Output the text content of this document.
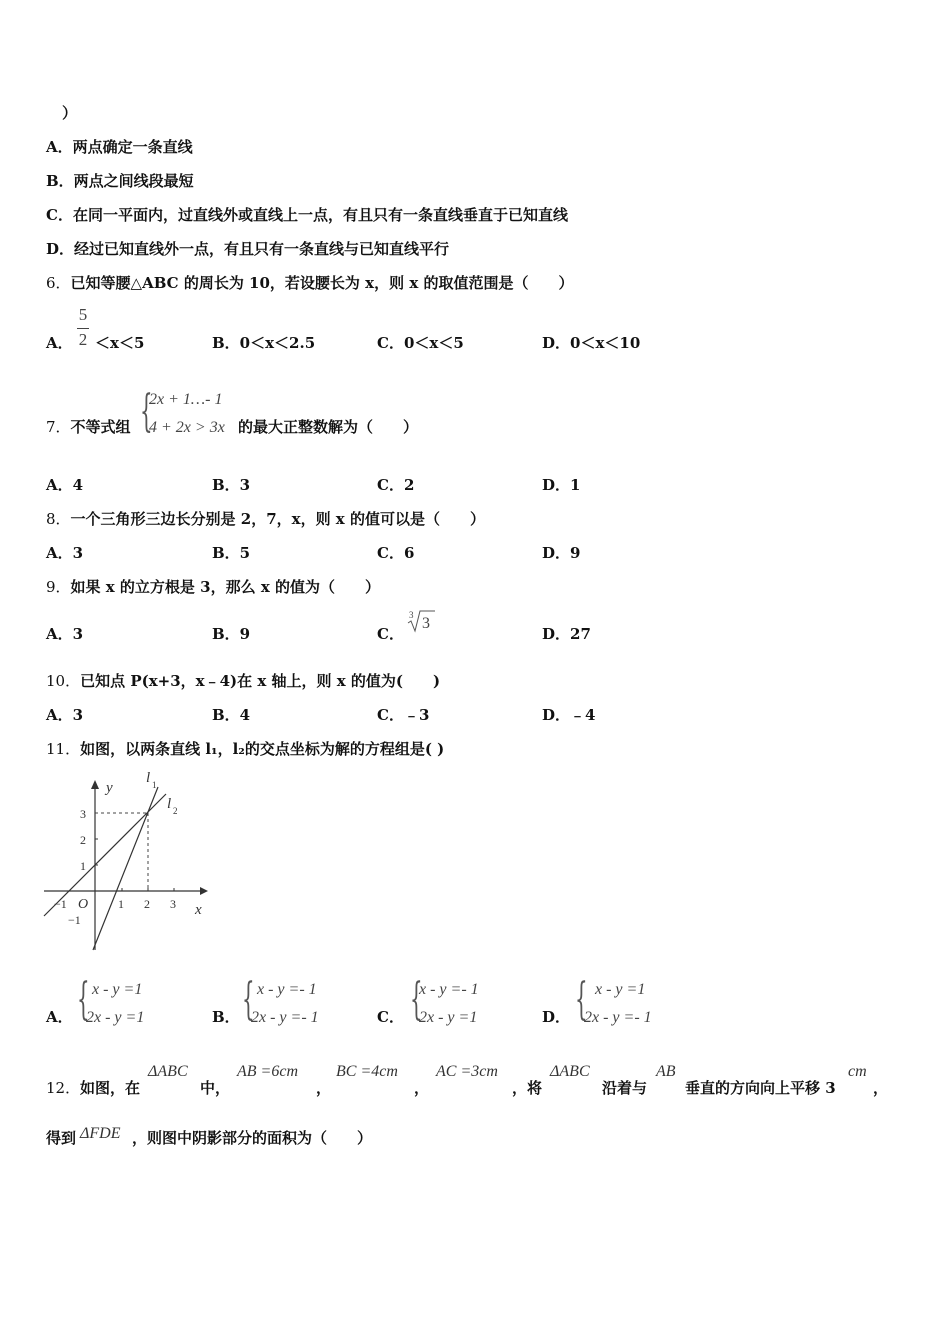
）
A．两点确定一条直线
B．两点之间线段最短
C．在同一平面内，过直线外或直线上一点，有且只有一条直线垂直于已知直线
D．经过已知直线外一点，有且只有一条直线与已知直线平行
6．已知等腰△ABC 的周长为 10，若设腰长为 x，则 x 的取值范围是（　　）
A．
5
2 ＜x＜5	B．0＜x＜2.5	C．0＜x＜5	D．0＜x＜10
7．不等式组 {
2x + 1…- 1
4 + 2x > 3x 的最大正整数解为（　　）
A．4	B．3	C．2	D．1
8．一个三角形三边长分别是 2，7，x，则 x 的值可以是（　　）
A．3	B．5	C．6	D．9
9．如果 x 的立方根是 3，那么 x 的值为（　　）
A．3	B．9	C．
3 3
D．27
10．已知点 P(x+3，x﹣4)在 x 轴上，则 x 的值为(　　)
A．3	B．4	C．﹣3	D．﹣4
11．如图，以两条直线 l₁，l₂的交点坐标为解的方程组是( )
y
x
O
l 1
l 2
−1	1 2 3
3
2
1
−1
A． { x - y =1
2x - y =1	B． { x - y =- 1
2x - y =- 1	C． {
x - y =- 1
2x - y =1	D． { x - y =1
2x - y =- 1
12． 如图，在
ΔABC
中，
AB =6cm
，
BC =4cm
，
AC =3cm
，将
ΔABC
沿着与
AB
垂直的方向向上平移 3
cm
，
得到 ΔFDE ，则图中阴影部分的面积为（　　）
